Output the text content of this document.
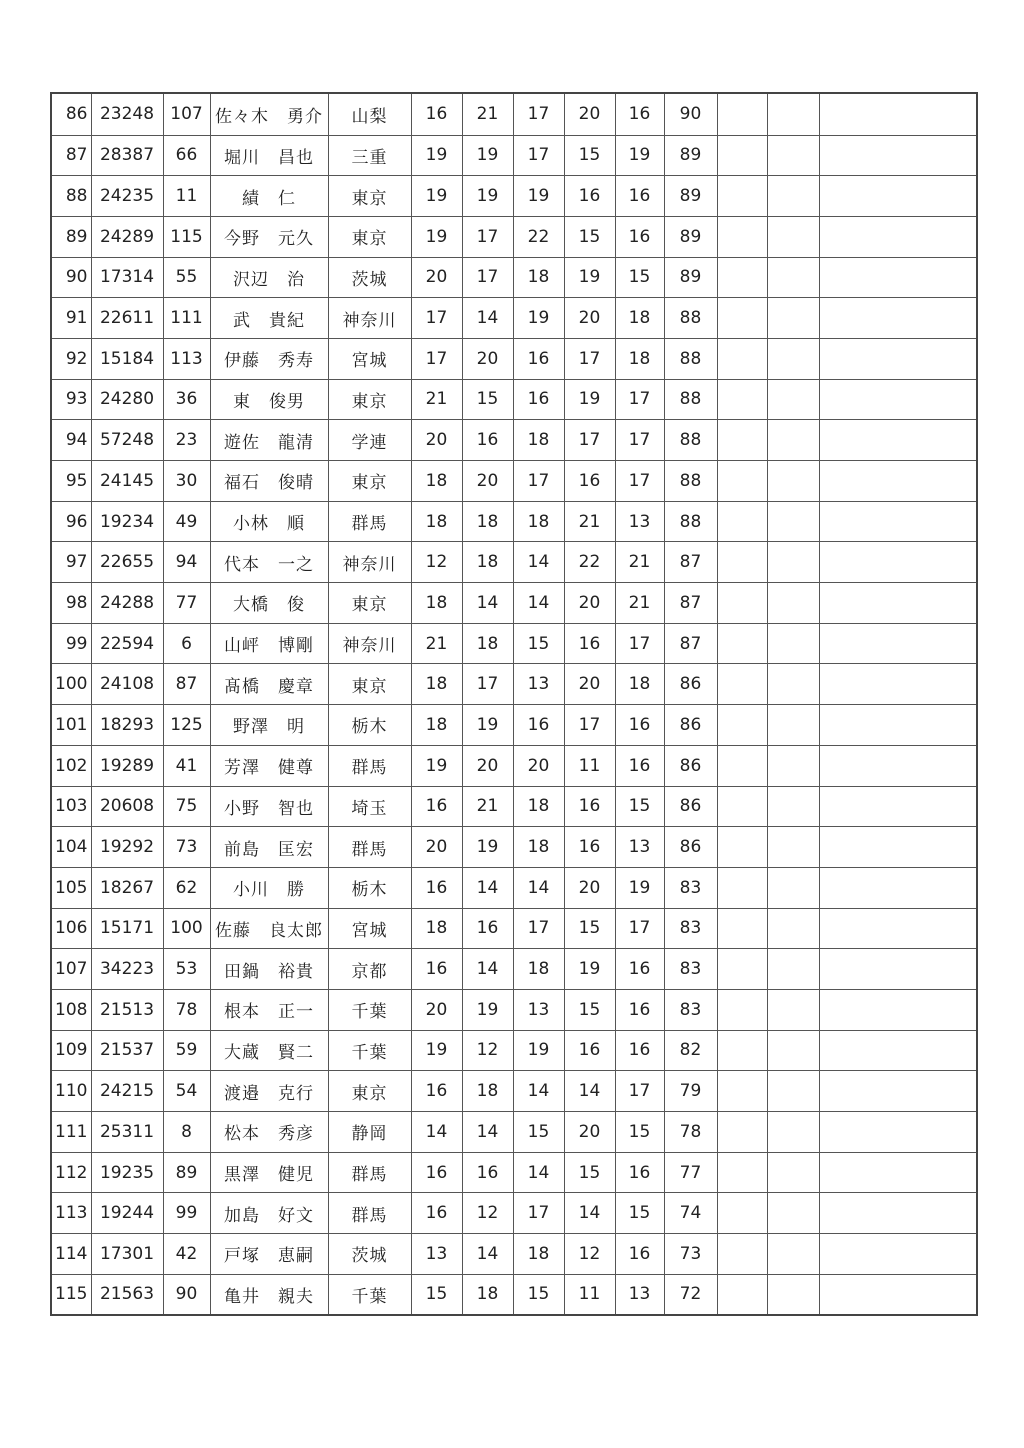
86	23248	107	佐々木　勇介	山梨	16	21	17	20	16	90			
87	28387	66	堀川　昌也	三重	19	19	17	15	19	89			
88	24235	11	績　仁	東京	19	19	19	16	16	89			
89	24289	115	今野　元久	東京	19	17	22	15	16	89			
90	17314	55	沢辺　治	茨城	20	17	18	19	15	89			
91	22611	111	武　貴紀	神奈川	17	14	19	20	18	88			
92	15184	113	伊藤　秀寿	宮城	17	20	16	17	18	88			
93	24280	36	東　俊男	東京	21	15	16	19	17	88			
94	57248	23	遊佐　龍清	学連	20	16	18	17	17	88			
95	24145	30	福石　俊晴	東京	18	20	17	16	17	88			
96	19234	49	小林　順	群馬	18	18	18	21	13	88			
97	22655	94	代本　一之	神奈川	12	18	14	22	21	87			
98	24288	77	大橋　俊	東京	18	14	14	20	21	87			
99	22594	6	山岼　博剛	神奈川	21	18	15	16	17	87			
100	24108	87	髙橋　慶章	東京	18	17	13	20	18	86			
101	18293	125	野澤　明	栃木	18	19	16	17	16	86			
102	19289	41	芳澤　健尊	群馬	19	20	20	11	16	86			
103	20608	75	小野　智也	埼玉	16	21	18	16	15	86			
104	19292	73	前島　匡宏	群馬	20	19	18	16	13	86			
105	18267	62	小川　勝	栃木	16	14	14	20	19	83			
106	15171	100	佐藤　良太郎	宮城	18	16	17	15	17	83			
107	34223	53	田鍋　裕貴	京都	16	14	18	19	16	83			
108	21513	78	根本　正一	千葉	20	19	13	15	16	83			
109	21537	59	大蔵　賢二	千葉	19	12	19	16	16	82			
110	24215	54	渡邉　克行	東京	16	18	14	14	17	79			
111	25311	8	松本　秀彦	静岡	14	14	15	20	15	78			
112	19235	89	黒澤　健児	群馬	16	16	14	15	16	77			
113	19244	99	加島　好文	群馬	16	12	17	14	15	74			
114	17301	42	戸塚　恵嗣	茨城	13	14	18	12	16	73			
115	21563	90	亀井　親夫	千葉	15	18	15	11	13	72			
